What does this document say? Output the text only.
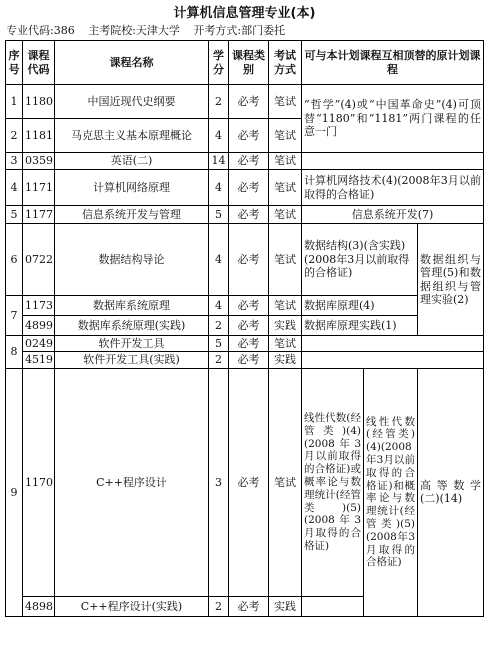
计算机信息管理专业(本)
专业代码:386 主考院校:天津大学 开考方式:部门委托
序号	课程代码	课程名称	学分	课程类别	考试方式	可与本计划课程互相顶替的原计划课程		
1	1180	中国近现代史纲要	2	必考	笔试	“哲学”(4)或“中国革命史”(4)可顶替“1180”和“1181”两门课程的任意一门		
2	1181	马克思主义基本原理概论	4	必考	笔试			
3	0359	英语(二)	14	必考	笔试			
4	1171	计算机网络原理	4	必考	笔试	计算机网络技术(4)(2008年3月以前取得的合格证)		
5	1177	信息系统开发与管理	5	必考	笔试	信息系统开发(7)		
6	0722	数据结构导论	4	必考	笔试	数据结构(3)(含实践)(2008年3月以前取得的合格证)		数据组织与管理(5)和数据组织与管理实验(2)
7	1173	数据库系统原理	4	必考	笔试	数据库原理(4)		
	4899	数据库系统原理(实践)	2	必考	实践	数据库原理实践(1)		
8	0249	软件开发工具	5	必考	笔试			
	4519	软件开发工具(实践)	2	必考	实践			
9	1170	C++程序设计	3	必考	笔试	线性代数(经管类)(4)(2008年3月以前取得的合格证)或概率论与数理统计(经管类)(5)(2008年3月取得的合格证)	线性代数(经管类)(4)(2008年3月以前取得的合格证)和概率论与数理统计(经管类)(5)(2008年3月取得的合格证)	高等数学(二)(14)
	4898	C++程序设计(实践)	2	必考	实践			
